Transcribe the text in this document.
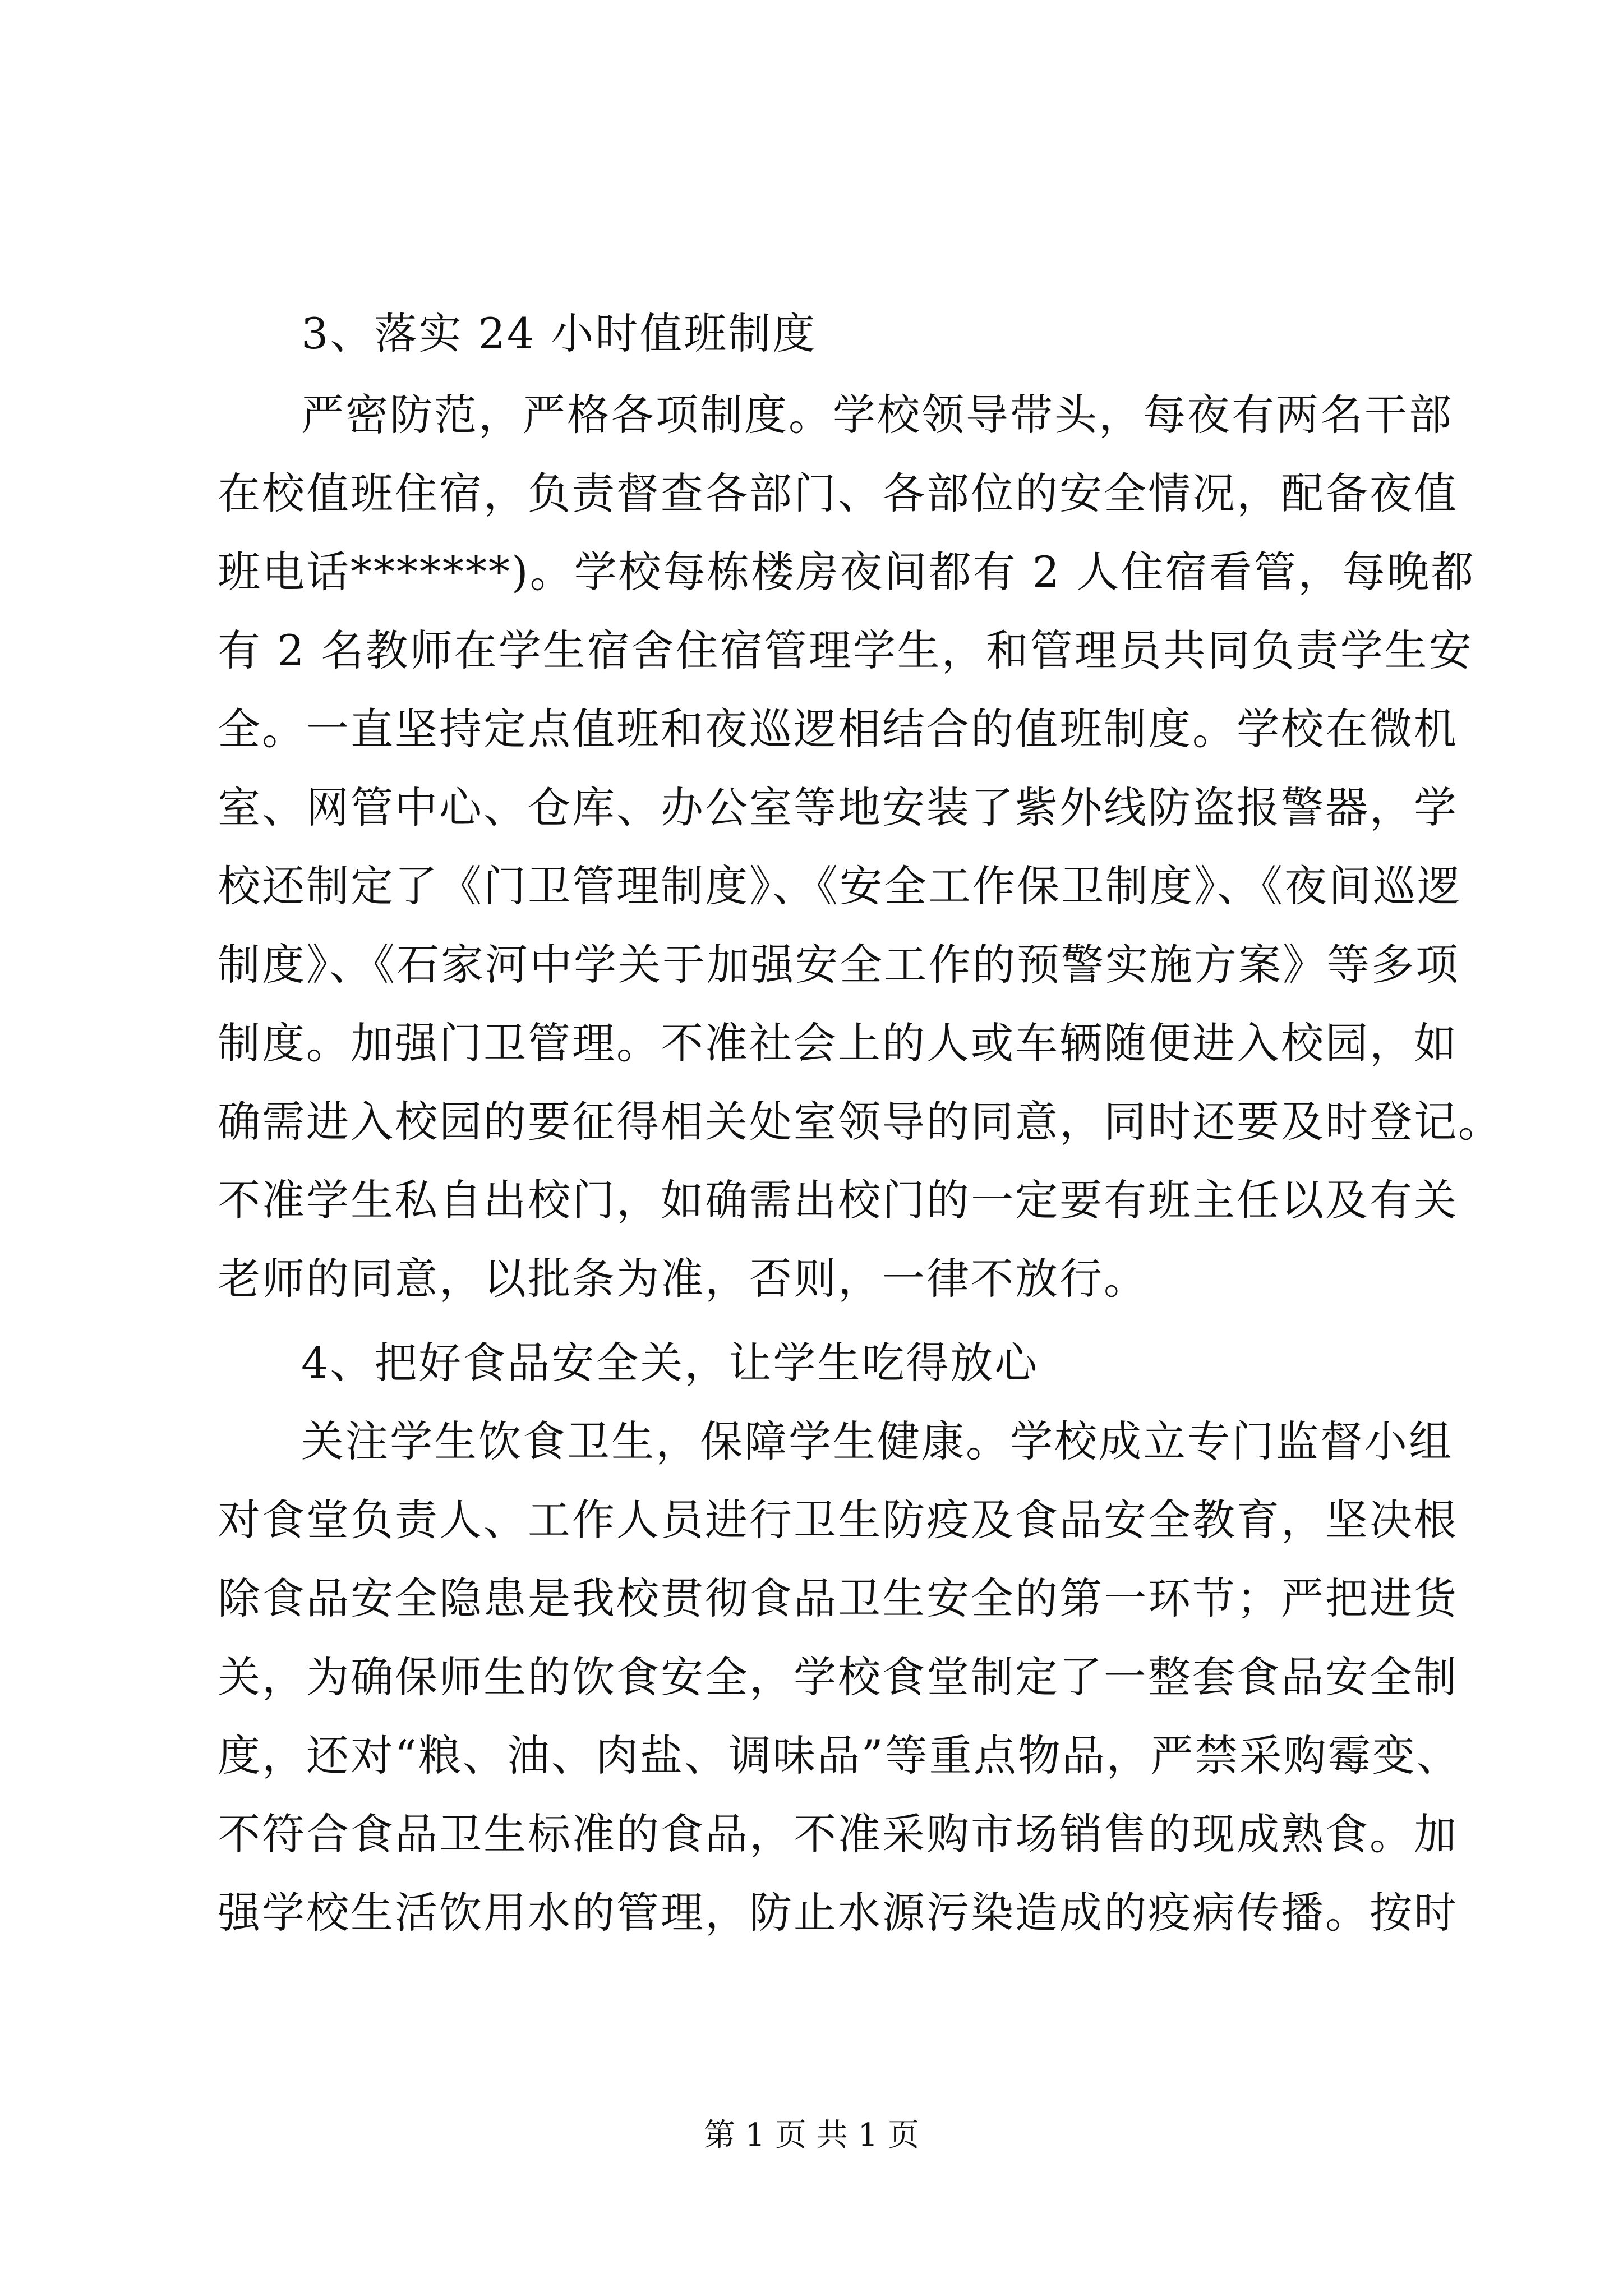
3、落实 24 小时值班制度
严密防范，严格各项制度。学校领导带头，每夜有两名干部
在校值班住宿，负责督查各部门、各部位的安全情况，配备夜值
班电话*******)。学校每栋楼房夜间都有 2 人住宿看管，每晚都
有 2 名教师在学生宿舍住宿管理学生，和管理员共同负责学生安
全。一直坚持定点值班和夜巡逻相结合的值班制度。学校在微机
室、网管中心、仓库、办公室等地安装了紫外线防盗报警器，学
校还制定了《门卫管理制度》、《安全工作保卫制度》、《夜间巡逻
制度》、《石家河中学关于加强安全工作的预警实施方案》等多项
制度。加强门卫管理。不准社会上的人或车辆随便进入校园，如
确需进入校园的要征得相关处室领导的同意，同时还要及时登记。
不准学生私自出校门，如确需出校门的一定要有班主任以及有关
老师的同意，以批条为准，否则，一律不放行。
4、把好食品安全关，让学生吃得放心
关注学生饮食卫生，保障学生健康。学校成立专门监督小组
对食堂负责人、工作人员进行卫生防疫及食品安全教育，坚决根
除食品安全隐患是我校贯彻食品卫生安全的第一环节；严把进货
关，为确保师生的饮食安全，学校食堂制定了一整套食品安全制
度，还对“粮、油、肉盐、调味品”等重点物品，严禁采购霉变、
不符合食品卫生标准的食品，不准采购市场销售的现成熟食。加
强学校生活饮用水的管理，防止水源污染造成的疫病传播。按时
第 1 页 共 1 页
